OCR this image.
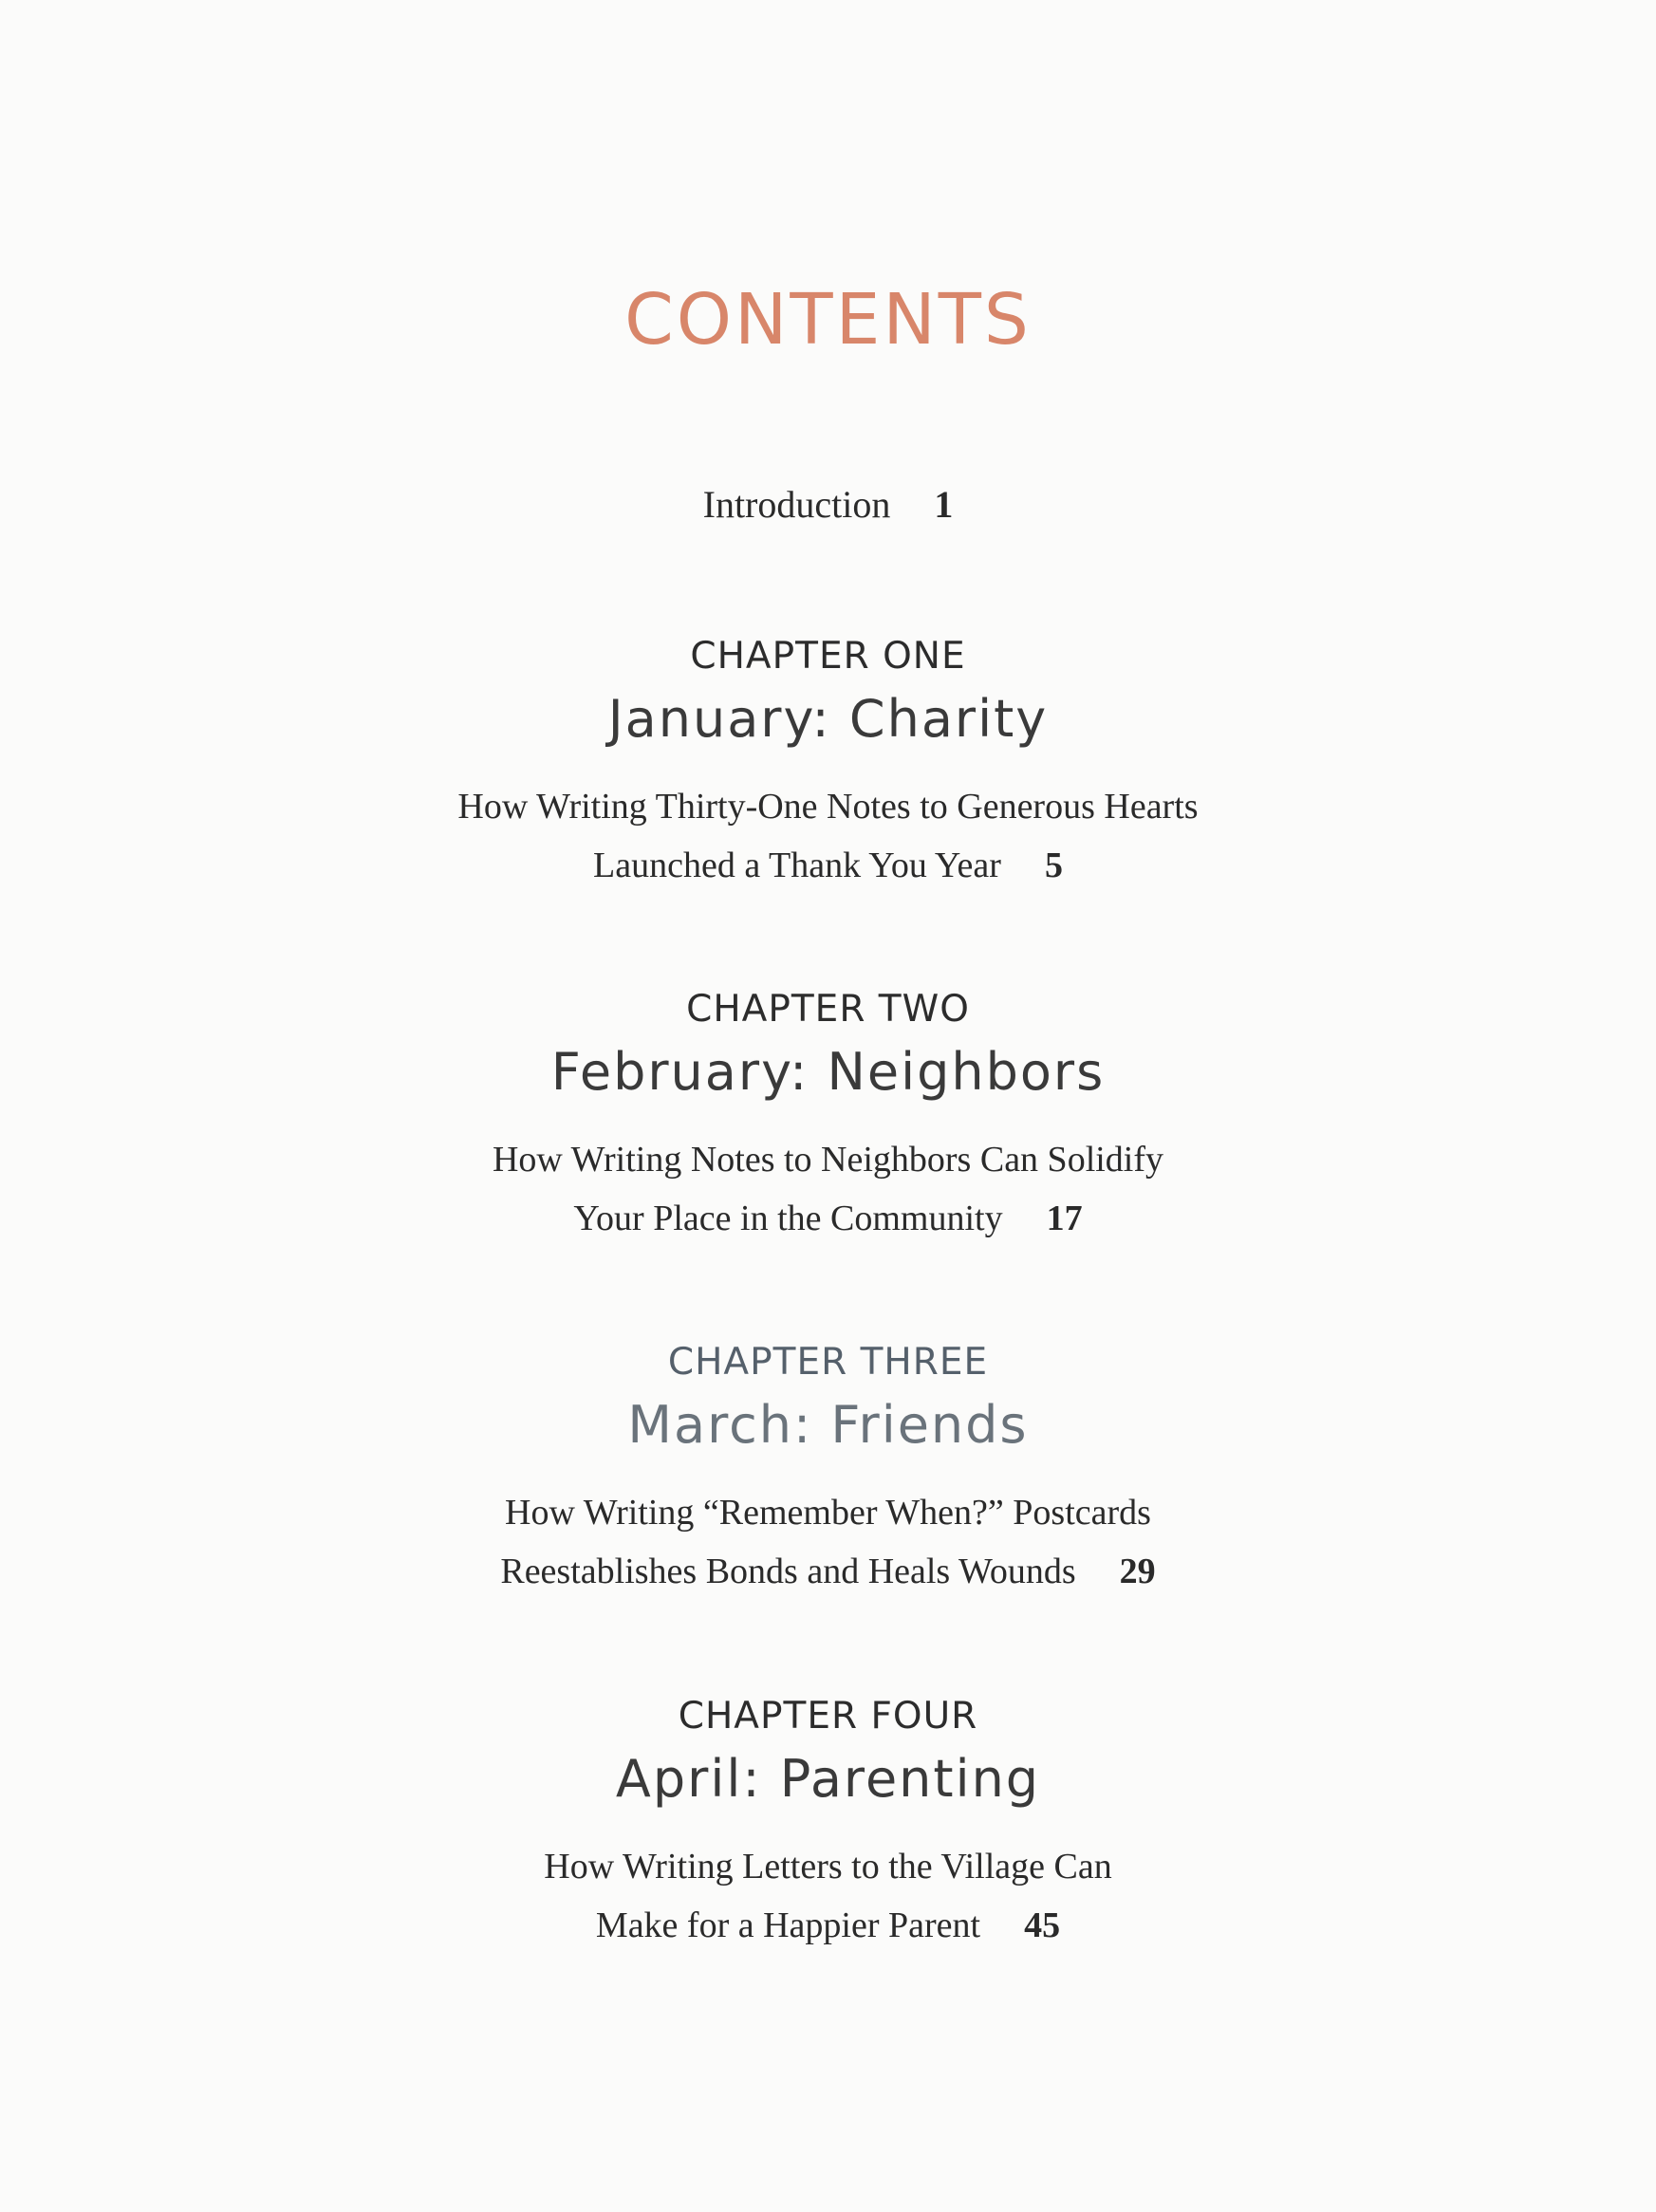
CONTENTS
Introduction 1
CHAPTER ONE
January: Charity
How Writing Thirty-One Notes to Generous Hearts
Launched a Thank You Year 5
CHAPTER TWO
February: Neighbors
How Writing Notes to Neighbors Can Solidify
Your Place in the Community 17
CHAPTER THREE
March: Friends
How Writing “Remember When?” Postcards
Reestablishes Bonds and Heals Wounds 29
CHAPTER FOUR
April: Parenting
How Writing Letters to the Village Can
Make for a Happier Parent 45
